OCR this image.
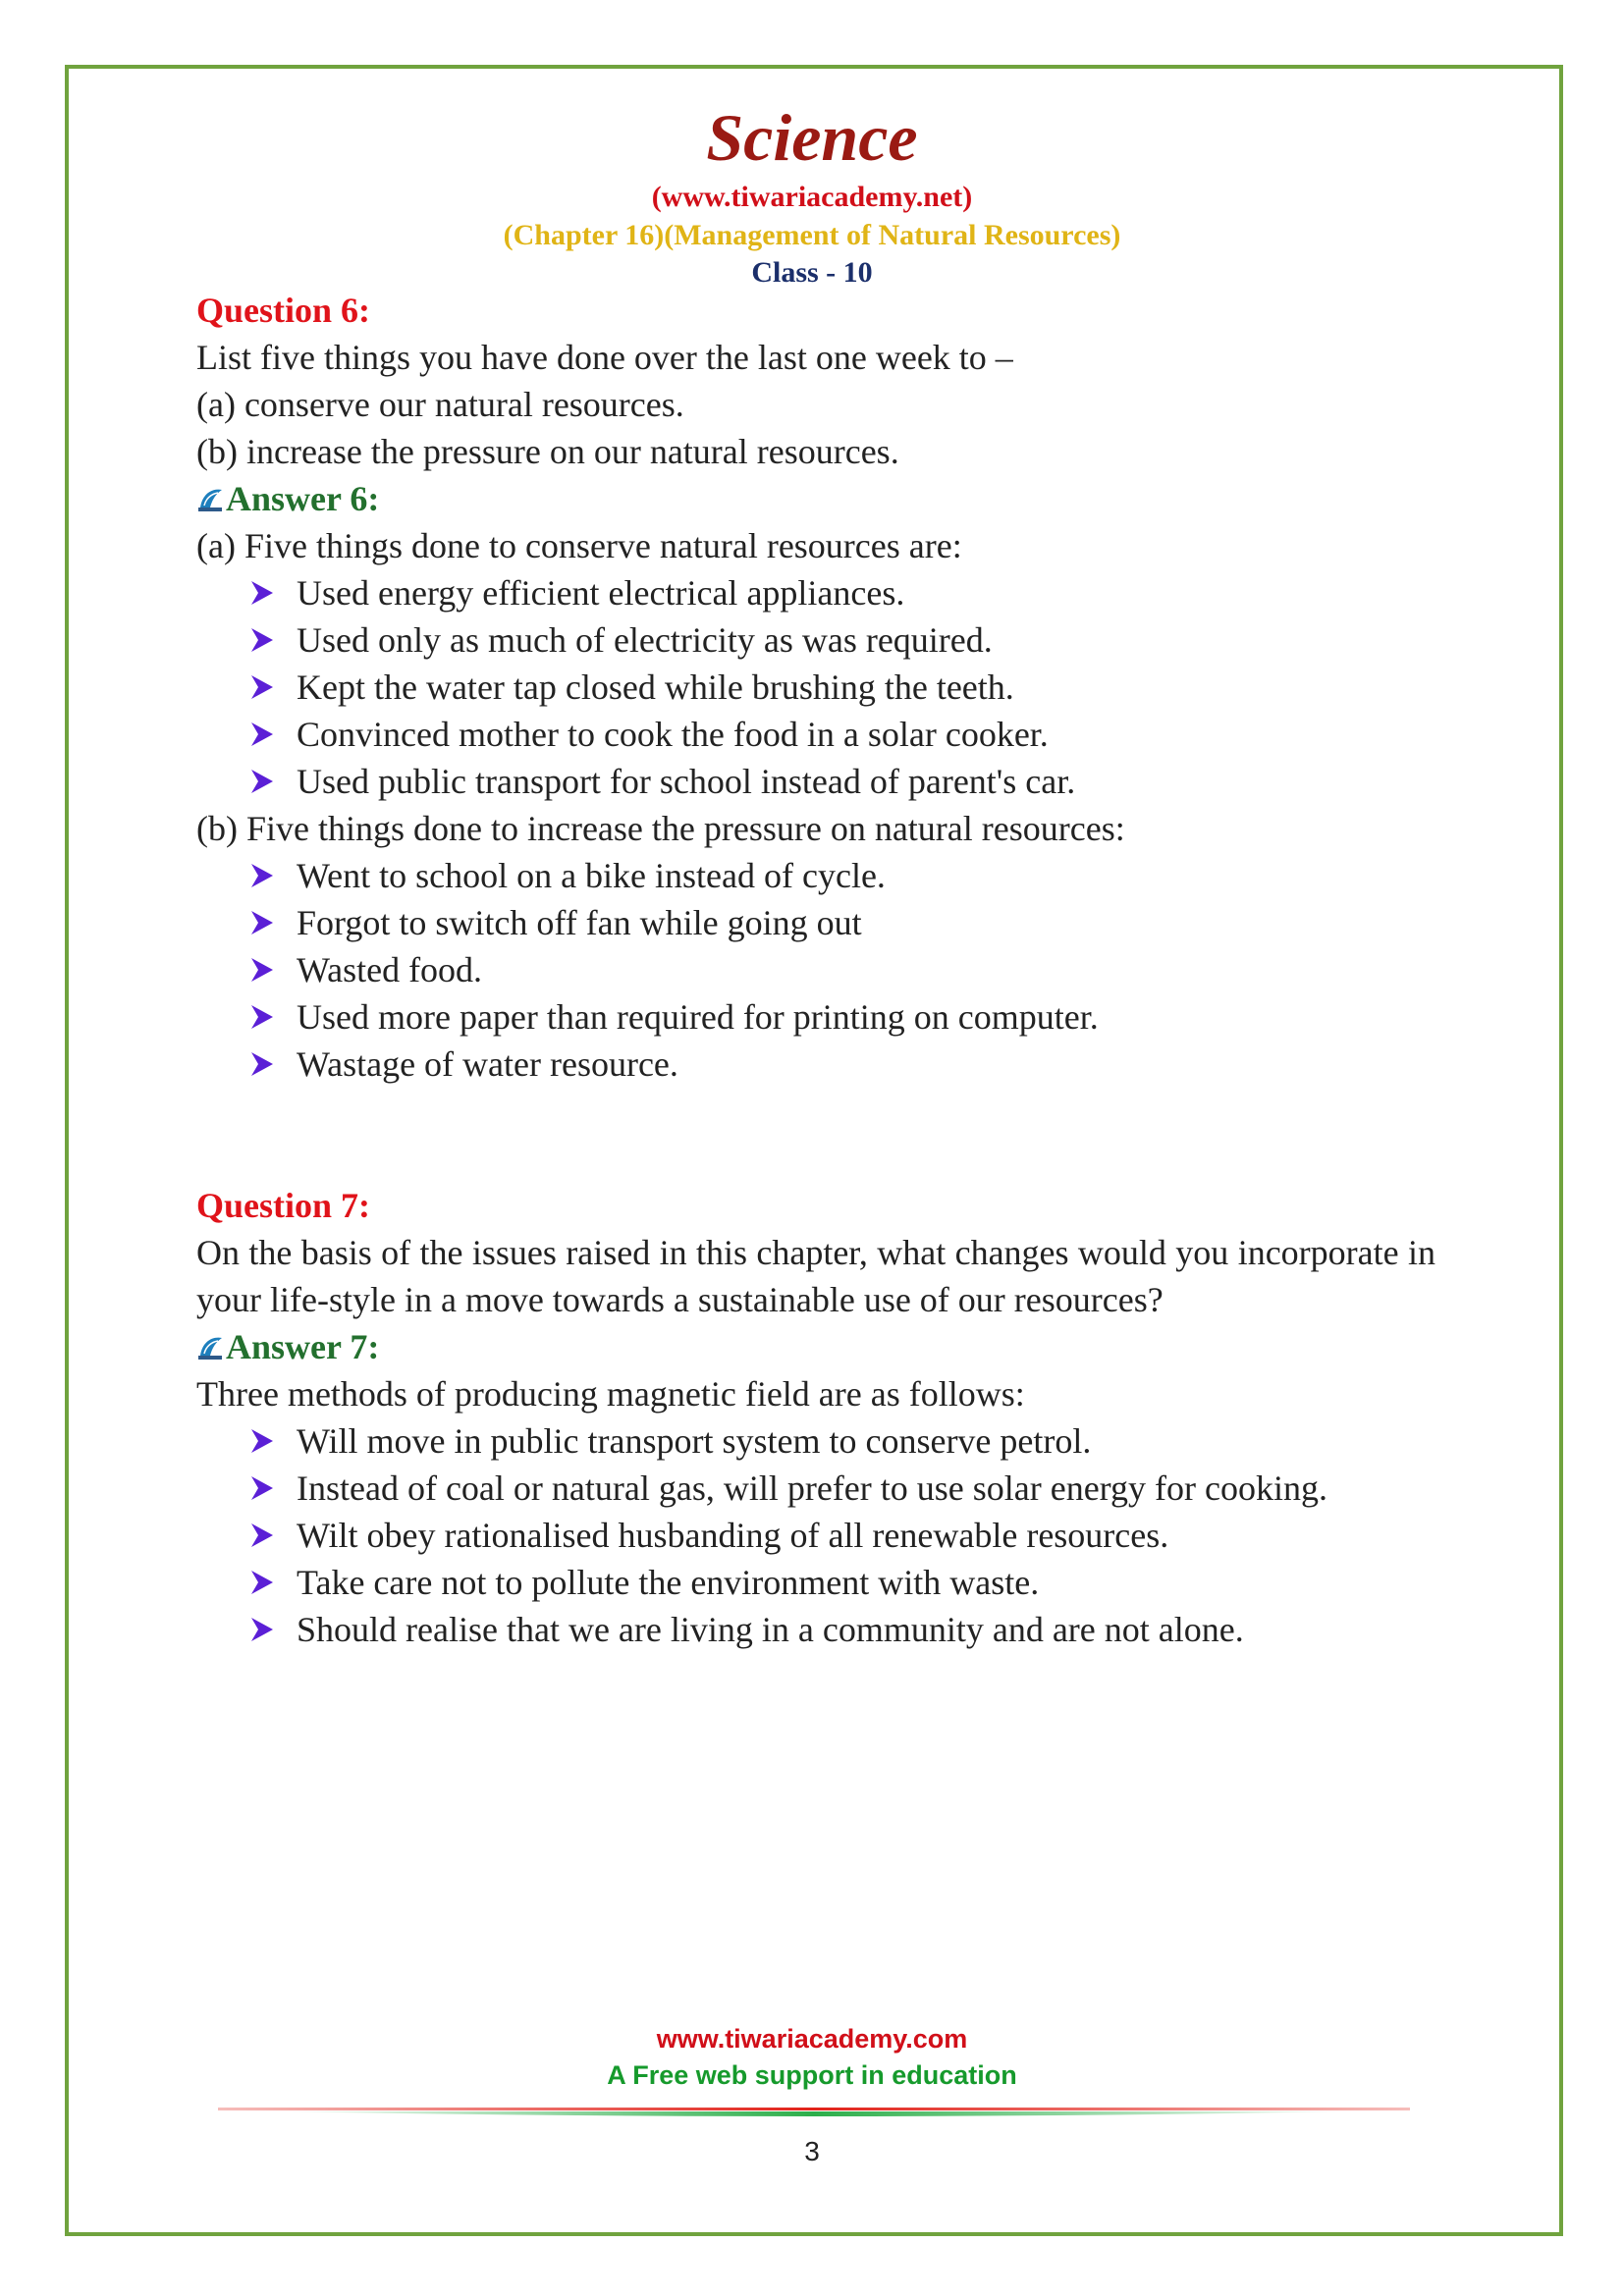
Science
(www.tiwariacademy.net)
(Chapter 16)(Management of Natural Resources)
Class - 10
Question 6:

List five things you have done over the last one week to –

(a) conserve our natural resources.

(b) increase the pressure on our natural resources.

Answer 6:

(a) Five things done to conserve natural resources are:

Used energy efficient electrical appliances.
Used only as much of electricity as was required.
Kept the water tap closed while brushing the teeth.
Convinced mother to cook the food in a solar cooker.
Used public transport for school instead of parent's car.

(b) Five things done to increase the pressure on natural resources:

Went to school on a bike instead of cycle.
Forgot to switch off fan while going out
Wasted food.
Used more paper than required for printing on computer.
Wastage of water resource.
Question 7:

On the basis of the issues raised in this chapter, what changes would you incorporate in your life-style in a move towards a sustainable use of our resources?

Answer 7:

Three methods of producing magnetic field are as follows:

Will move in public transport system to conserve petrol.
Instead of coal or natural gas, will prefer to use solar energy for cooking.
Wilt obey rationalised husbanding of all renewable resources.
Take care not to pollute the environment with waste.
Should realise that we are living in a community and are not alone.
www.tiwariacademy.com
A Free web support in education
3
